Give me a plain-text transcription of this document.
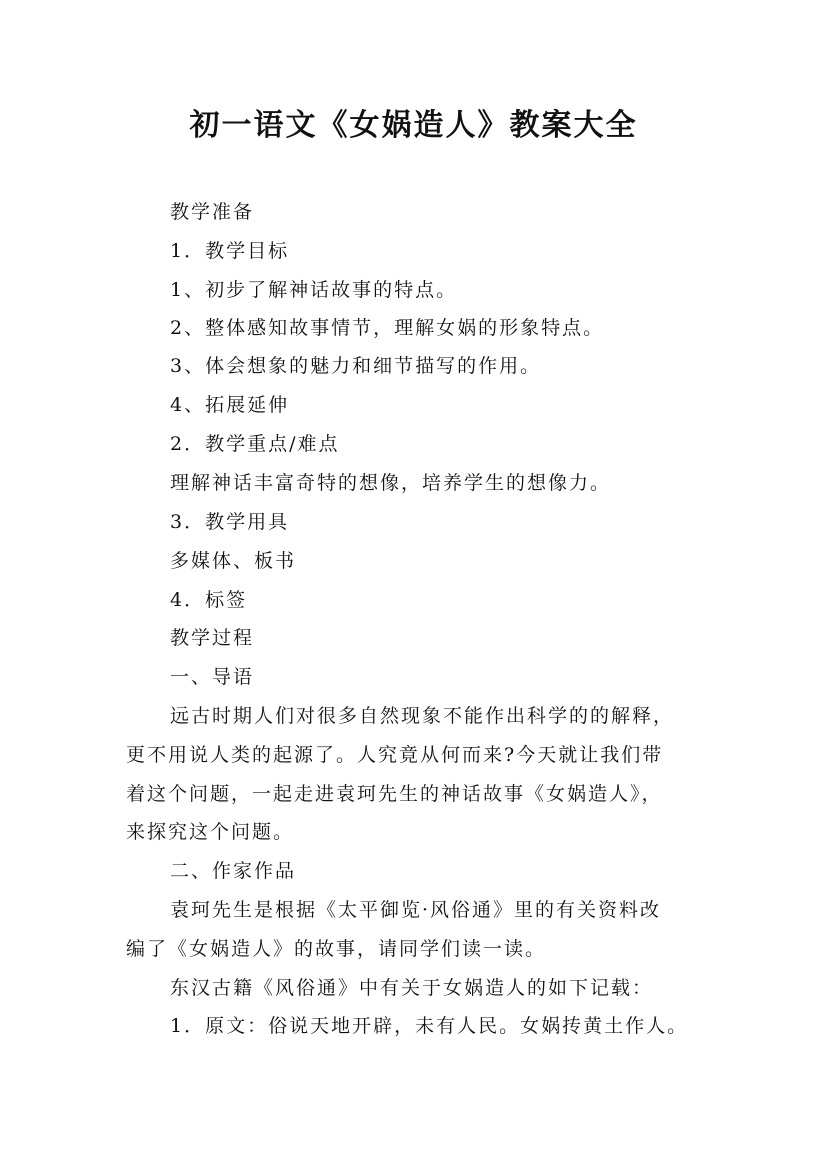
初一语文《女娲造人》教案大全
教学准备
1．教学目标
1、初步了解神话故事的特点。
2、整体感知故事情节，理解女娲的形象特点。
3、体会想象的魅力和细节描写的作用。
4、拓展延伸
2．教学重点/难点
理解神话丰富奇特的想像，培养学生的想像力。
3．教学用具
多媒体、板书
4．标签
教学过程
一、导语
远古时期人们对很多自然现象不能作出科学的的解释，
更不用说人类的起源了。人究竟从何而来?今天就让我们带
着这个问题，一起走进袁珂先生的神话故事《女娲造人》，
来探究这个问题。
二、作家作品
袁珂先生是根据《太平御览·风俗通》里的有关资料改
编了《女娲造人》的故事，请同学们读一读。
东汉古籍《风俗通》中有关于女娲造人的如下记载：
1．原文：俗说天地开辟，未有人民。女娲抟黄土作人。
